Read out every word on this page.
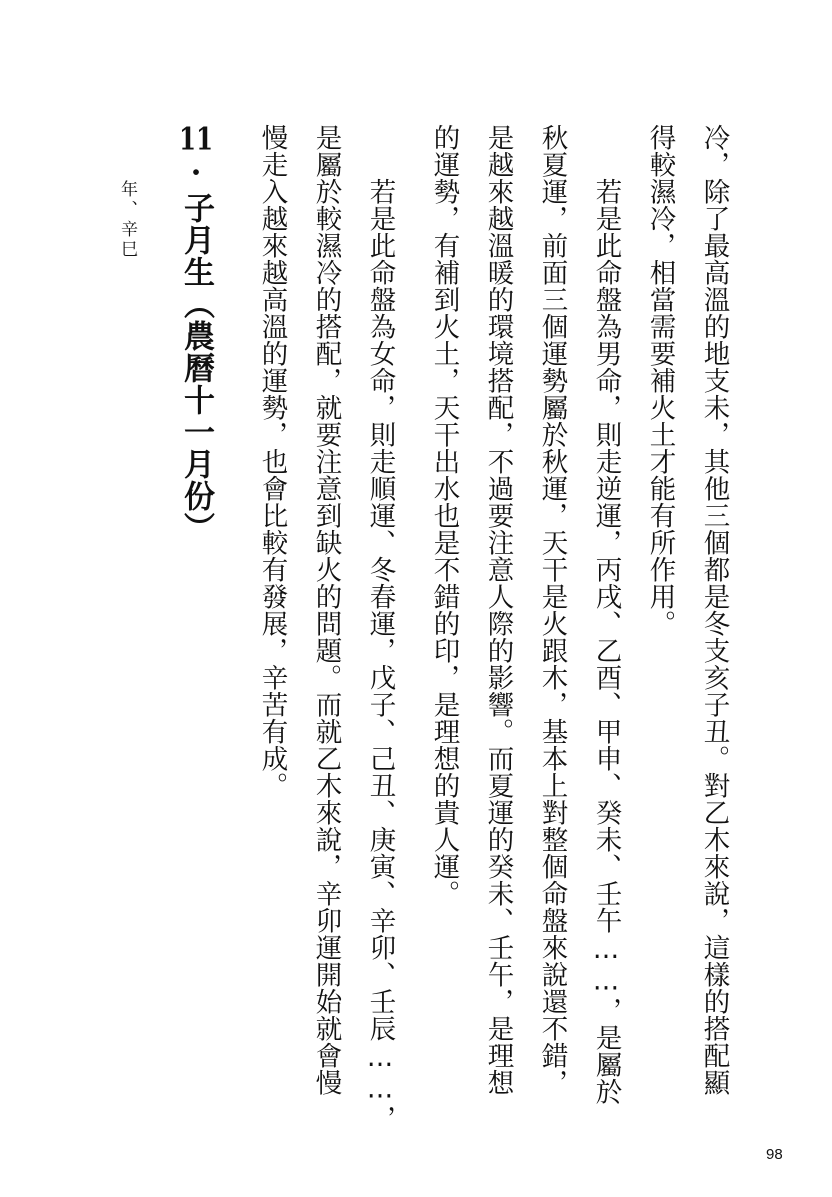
冷，除了最高溫的地支未，其他三個都是冬支亥子丑。對乙木來說，這樣的搭配顯
得較濕冷，相當需要補火土才能有所作用。
若是此命盤為男命，則走逆運，丙戌、乙酉、甲申、癸未、壬午……，是屬於
秋夏運，前面三個運勢屬於秋運，天干是火跟木，基本上對整個命盤來說還不錯，
是越來越溫暖的環境搭配，不過要注意人際的影響。而夏運的癸未、壬午，是理想
的運勢，有補到火土，天干出水也是不錯的印，是理想的貴人運。
若是此命盤為女命，則走順運、冬春運，戊子、己丑、庚寅、辛卯、壬辰……，
是屬於較濕冷的搭配，就要注意到缺火的問題。而就乙木來說，辛卯運開始就會慢
慢走入越來越高溫的運勢，也會比較有發展，辛苦有成。
11·子月生（農曆十一月份）
年、辛巳
98
